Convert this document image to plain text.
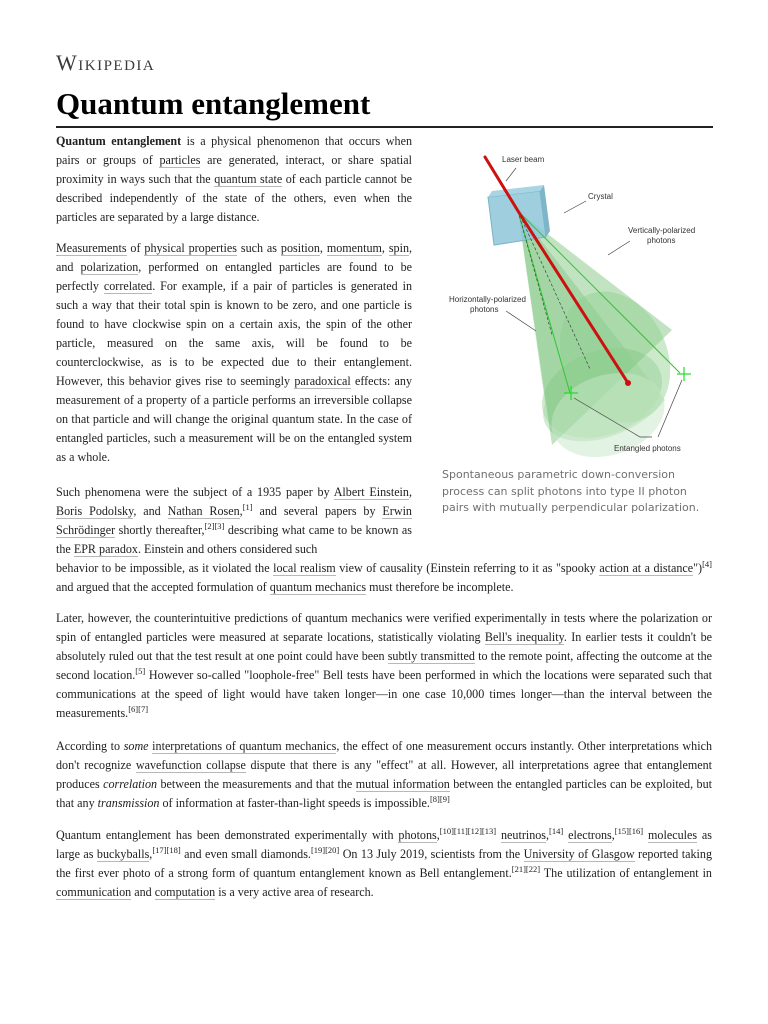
Wikipedia
Quantum entanglement
Laser beam
Crystal
Vertically-polarized
photons
Horizontally-polarized
photons
Entangled photons
Spontaneous parametric down-conversion process can split photons into type II photon pairs with mutually perpendicular polarization.

Quantum entanglement is a physical phenomenon that occurs when pairs or groups of particles are generated, interact, or share spatial proximity in ways such that the quantum state of each particle cannot be described independently of the state of the others, even when the particles are separated by a large distance.

Measurements of physical properties such as position, momentum, spin, and polarization, performed on entangled particles are found to be perfectly correlated. For example, if a pair of particles is generated in such a way that their total spin is known to be zero, and one particle is found to have clockwise spin on a certain axis, the spin of the other particle, measured on the same axis, will be found to be counterclockwise, as is to be expected due to their entanglement. However, this behavior gives rise to seemingly paradoxical effects: any measurement of a property of a particle performs an irreversible collapse on that particle and will change the original quantum state. In the case of entangled particles, such a measurement will be on the entangled system as a whole.

Such phenomena were the subject of a 1935 paper by Albert Einstein, Boris Podolsky, and Nathan Rosen,[1] and several papers by Erwin Schrödinger shortly thereafter,[2][3] describing what came to be known as the EPR paradox. Einstein and others considered such

behavior to be impossible, as it violated the local realism view of causality (Einstein referring to it as "spooky action at a distance")[4] and argued that the accepted formulation of quantum mechanics must therefore be incomplete.

Later, however, the counterintuitive predictions of quantum mechanics were verified experimentally in tests where the polarization or spin of entangled particles were measured at separate locations, statistically violating Bell's inequality. In earlier tests it couldn't be absolutely ruled out that the test result at one point could have been subtly transmitted to the remote point, affecting the outcome at the second location.[5] However so-called "loophole-free" Bell tests have been performed in which the locations were separated such that communications at the speed of light would have taken longer—in one case 10,000 times longer—than the interval between the measurements.[6][7]

According to some interpretations of quantum mechanics, the effect of one measurement occurs instantly. Other interpretations which don't recognize wavefunction collapse dispute that there is any "effect" at all. However, all interpretations agree that entanglement produces correlation between the measurements and that the mutual information between the entangled particles can be exploited, but that any transmission of information at faster-than-light speeds is impossible.[8][9]

Quantum entanglement has been demonstrated experimentally with photons,[10][11][12][13] neutrinos,[14] electrons,[15][16] molecules as large as buckyballs,[17][18] and even small diamonds.[19][20] On 13 July 2019, scientists from the University of Glasgow reported taking the first ever photo of a strong form of quantum entanglement known as Bell entanglement.[21][22] The utilization of entanglement in communication and computation is a very active area of research.
